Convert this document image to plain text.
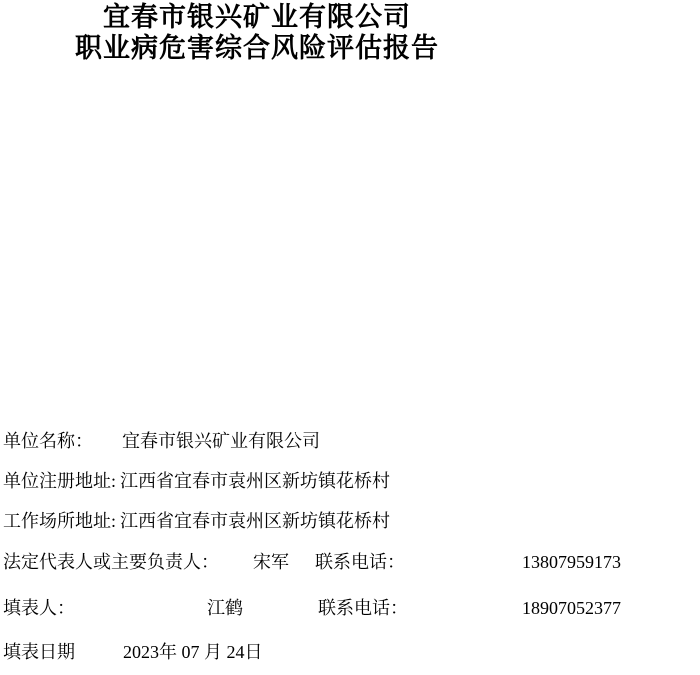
宜春市银兴矿业有限公司
职业病危害综合风险评估报告
单位名称： 宜春市银兴矿业有限公司
单位注册地址: 江西省宜春市袁州区新坊镇花桥村
工作场所地址: 江西省宜春市袁州区新坊镇花桥村
法定代表人或主要负责人： 宋军 联系电话：	13807959173
填表人：	江鹤	联系电话：	18907052377
填表日期	2023年 07 月 24日
